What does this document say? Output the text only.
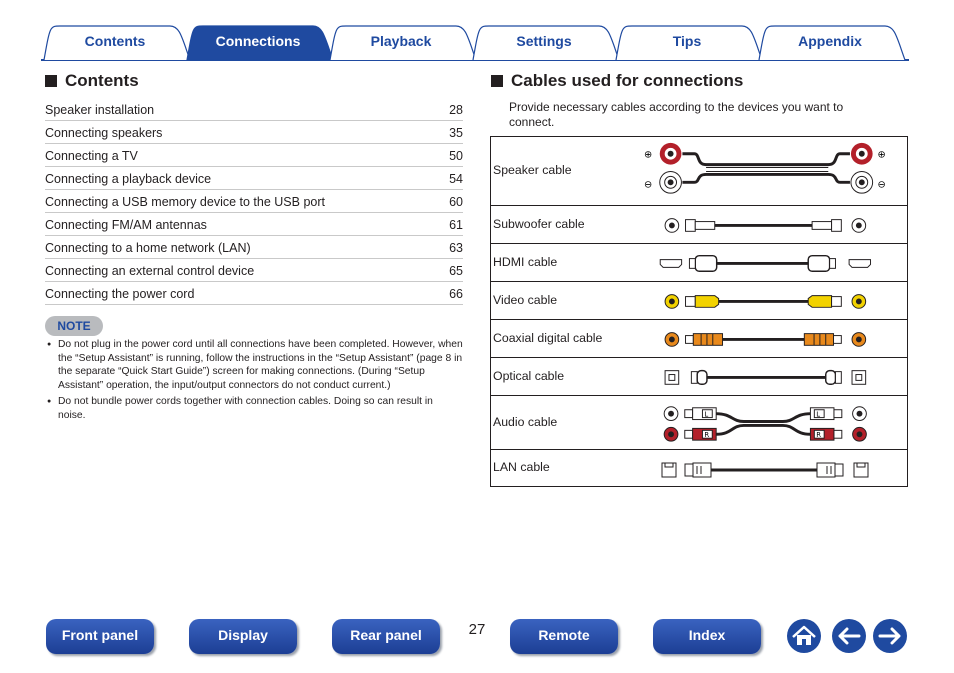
Contents	Connections	Playback	Settings	Tips	Appendix
Contents
Speaker installation	28
Connecting speakers	35
Connecting a TV	50
Connecting a playback device	54
Connecting a USB memory device to the USB port	60
Connecting FM/AM antennas	61
Connecting to a home network (LAN)	63
Connecting an external control device	65
Connecting the power cord	66
NOTE
● Do not plug in the power cord until all connections have been completed. However, when the “Setup Assistant” is running, follow the instructions in the “Setup Assistant” (page 8 in the separate “Quick Start Guide”) screen for making connections. (During “Setup Assistant” operation, the input/output connectors do not conduct current.)
● Do not bundle power cords together with connection cables. Doing so can result in noise.
Cables used for connections
Provide necessary cables according to the devices you want to connect.
Speaker cable
⊕
⊖
⊕
⊖
Subwoofer cable
HDMI cable
Video cable
Coaxial digital cable
Optical cable
Audio cable
L
R
L
R
LAN cable
Front panel	Display	Rear panel	27	Remote	Index
